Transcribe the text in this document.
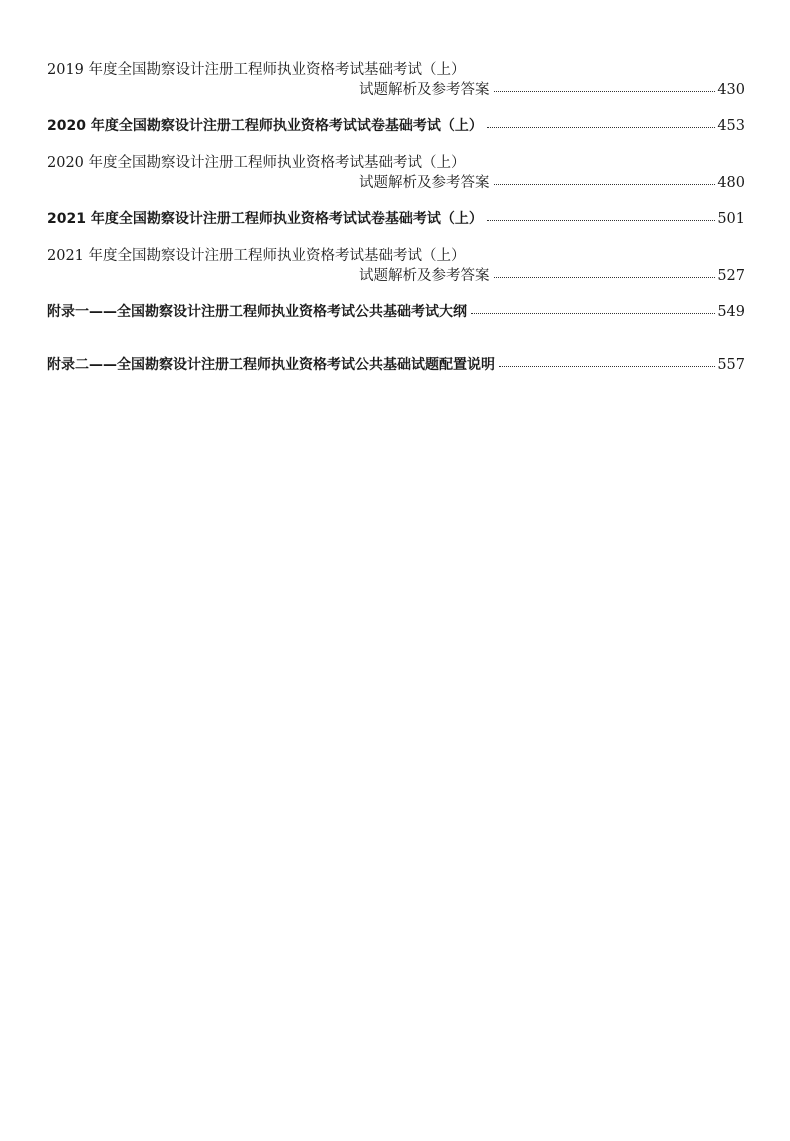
2019 年度全国勘察设计注册工程师执业资格考试基础考试（上）
试题解析及参考答案	430
2020 年度全国勘察设计注册工程师执业资格考试试卷基础考试（上）	453
2020 年度全国勘察设计注册工程师执业资格考试基础考试（上）
试题解析及参考答案	480
2021 年度全国勘察设计注册工程师执业资格考试试卷基础考试（上）	501
2021 年度全国勘察设计注册工程师执业资格考试基础考试（上）
试题解析及参考答案	527
附录一——全国勘察设计注册工程师执业资格考试公共基础考试大纲	549
附录二——全国勘察设计注册工程师执业资格考试公共基础试题配置说明	557
